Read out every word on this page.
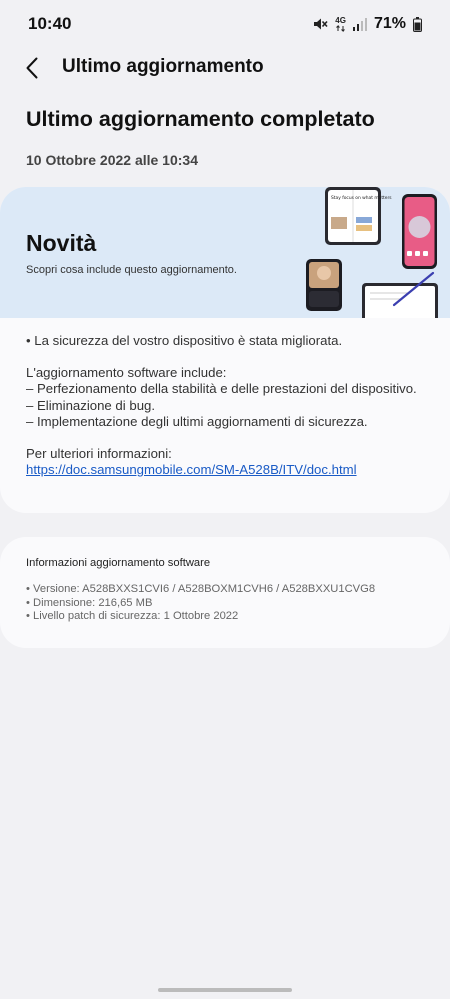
10:40	4G 71%
Ultimo aggiornamento
Ultimo aggiornamento completato
10 Ottobre 2022 alle 10:34
Novità
Scopri cosa include questo aggiornamento.
Stay focus on what matters

• La sicurezza del vostro dispositivo è stata migliorata.

L'aggiornamento software include:

– Perfezionamento della stabilità e delle prestazioni del dispositivo.

– Eliminazione di bug.

– Implementazione degli ultimi aggiornamenti di sicurezza.

Per ulteriori informazioni:

https://doc.samsungmobile.com/SM-A528B/ITV/doc.html

Informazioni aggiornamento software

• Versione: A528BXXS1CVI6 / A528BOXM1CVH6 / A528BXXU1CVG8

• Dimensione: 216,65 MB

• Livello patch di sicurezza: 1 Ottobre 2022
